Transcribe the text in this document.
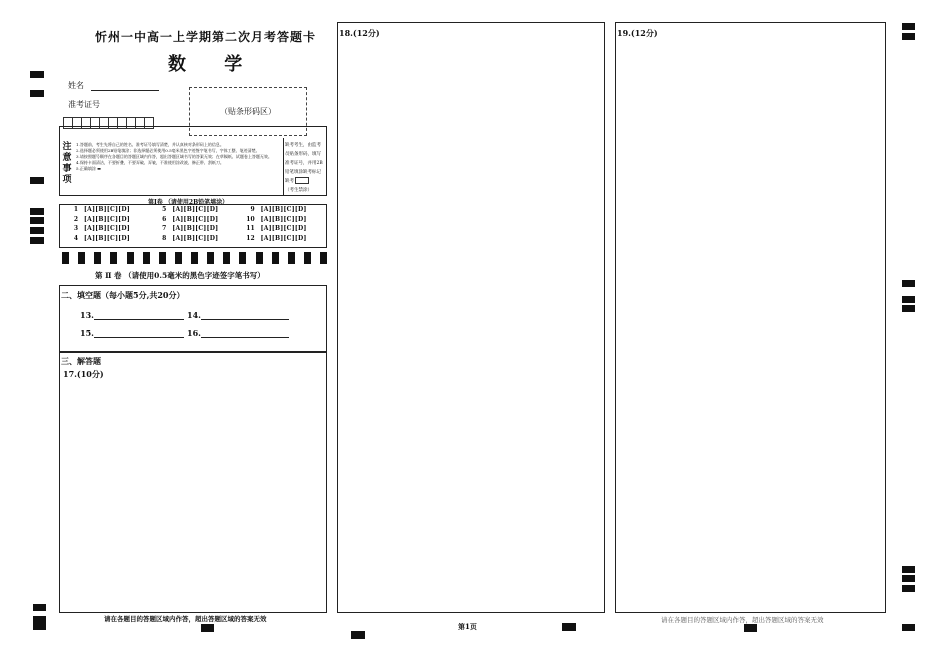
忻州一中高一上学期第二次月考答题卡
数 学
姓名
准考证号
（贴条形码区）
注
意
事
项
1.答题前，考生先将自己的姓名、准考证号填写清楚，并认真核对条形码上的信息。
2.选择题必须使用2B铅笔填涂；非选择题必须使用0.5毫米黑色字迹签字笔书写，字体工整、笔迹清楚。
3.请按照题号顺序在各题目的答题区域内作答，超出答题区域书写的答案无效；在草稿纸、试题卷上答题无效。
4.保持卡面清洁，不要折叠，不要弄破、弄皱，不准使用涂改液、修正带、刮纸刀。
5.正确填涂 ▬
缺考考生，由监考
员贴条形码，填写
准考证号，并用2B
铅笔填涂缺考标记
缺考
（考生禁涂）
第Ⅰ卷 （请使用2B铅笔填涂）
1	[A][B][C][D]	5	[A][B][C][D]	9	[A][B][C][D]
2	[A][B][C][D]	6	[A][B][C][D]	10	[A][B][C][D]
3	[A][B][C][D]	7	[A][B][C][D]	11	[A][B][C][D]
4	[A][B][C][D]	8	[A][B][C][D]	12	[A][B][C][D]
第 Ⅱ 卷 （请使用0.5毫米的黑色字迹签字笔书写）
二、填空题（每小题5分,共20分）
13.	14.
15.	16.
三、解答题
17.(10分)
18.(12分)	19.(12分)
请在各题目的答题区域内作答，超出答题区域的答案无效
第1页
请在各题目的答题区域内作答，超出答题区域的答案无效
